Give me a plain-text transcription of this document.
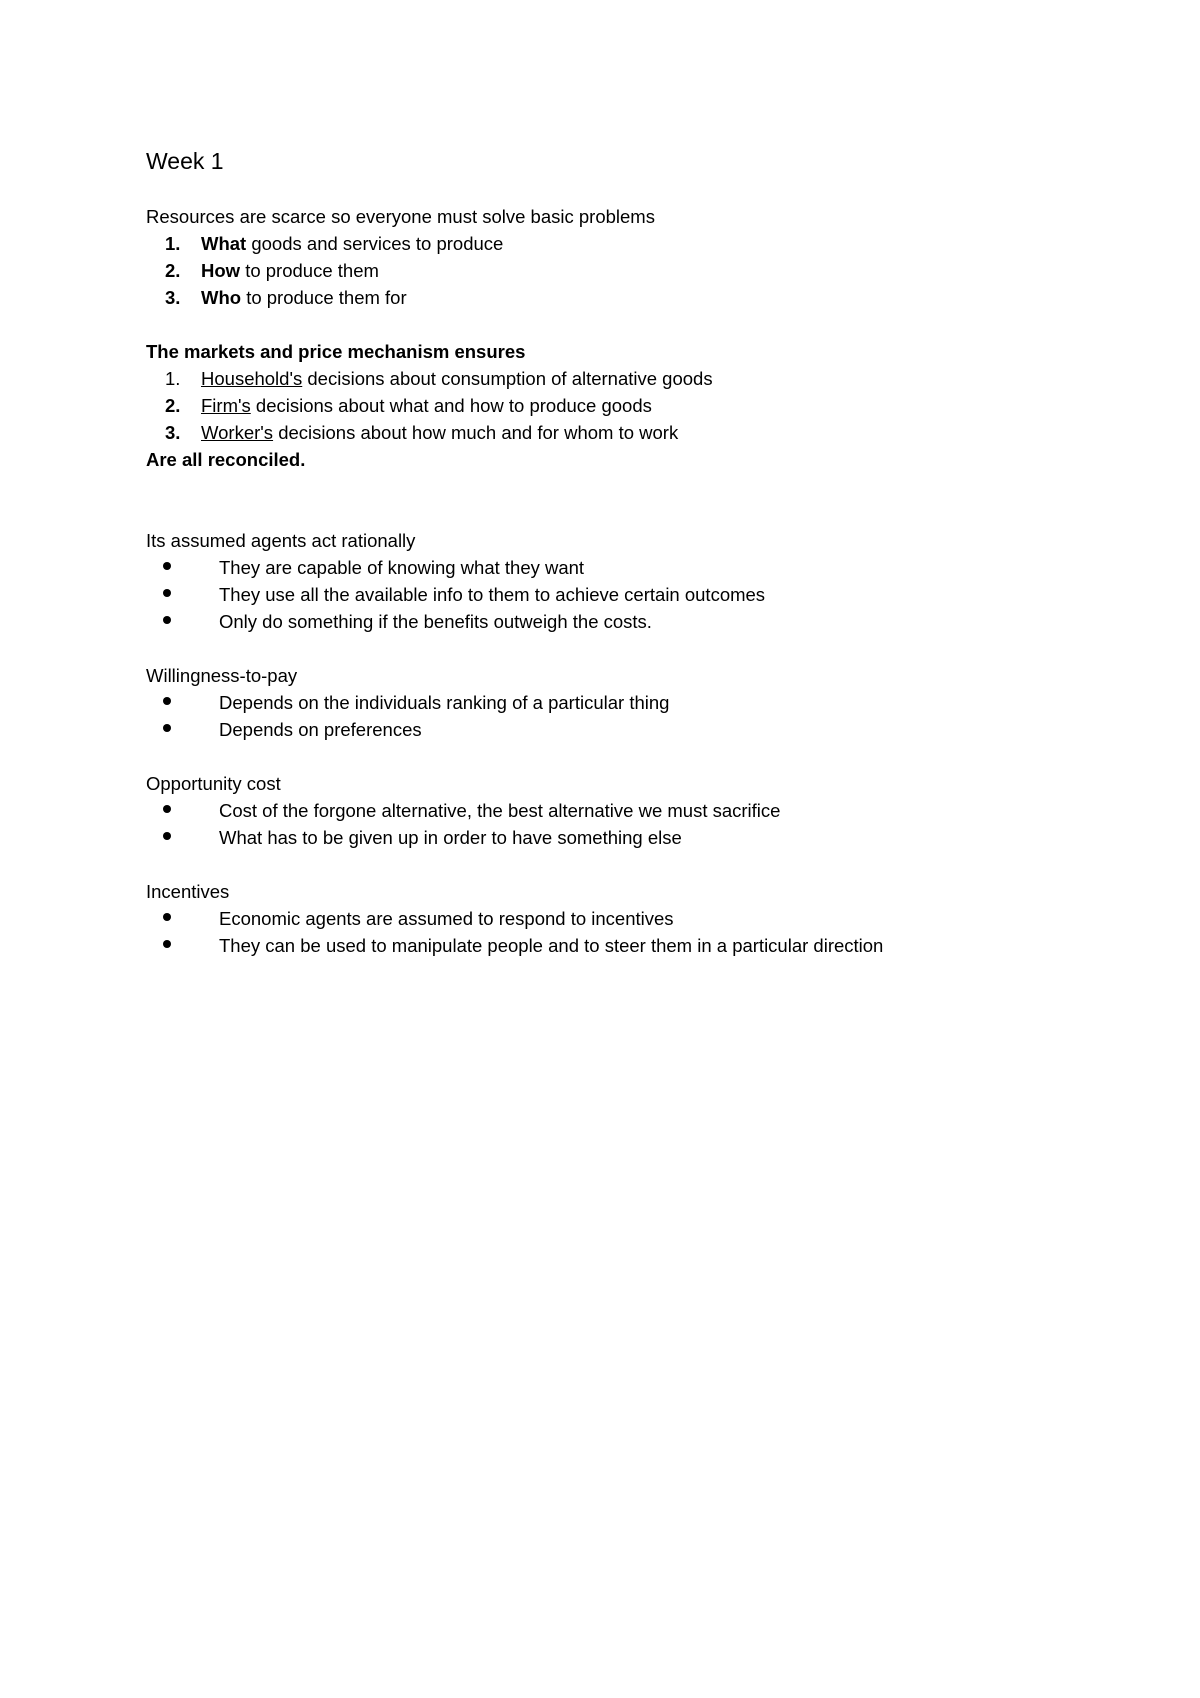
Week 1

Resources are scarce so everyone must solve basic problems

1. What goods and services to produce
2. How to produce them
3. Who to produce them for

The markets and price mechanism ensures

1. Household's decisions about consumption of alternative goods
2. Firm's decisions about what and how to produce goods
3. Worker's decisions about how much and for whom to work

Are all reconciled.

Its assumed agents act rationally

They are capable of knowing what they want
They use all the available info to them to achieve certain outcomes
Only do something if the benefits outweigh the costs.

Willingness-to-pay

Depends on the individuals ranking of a particular thing
Depends on preferences

Opportunity cost

Cost of the forgone alternative, the best alternative we must sacrifice
What has to be given up in order to have something else

Incentives

Economic agents are assumed to respond to incentives
They can be used to manipulate people and to steer them in a particular direction
